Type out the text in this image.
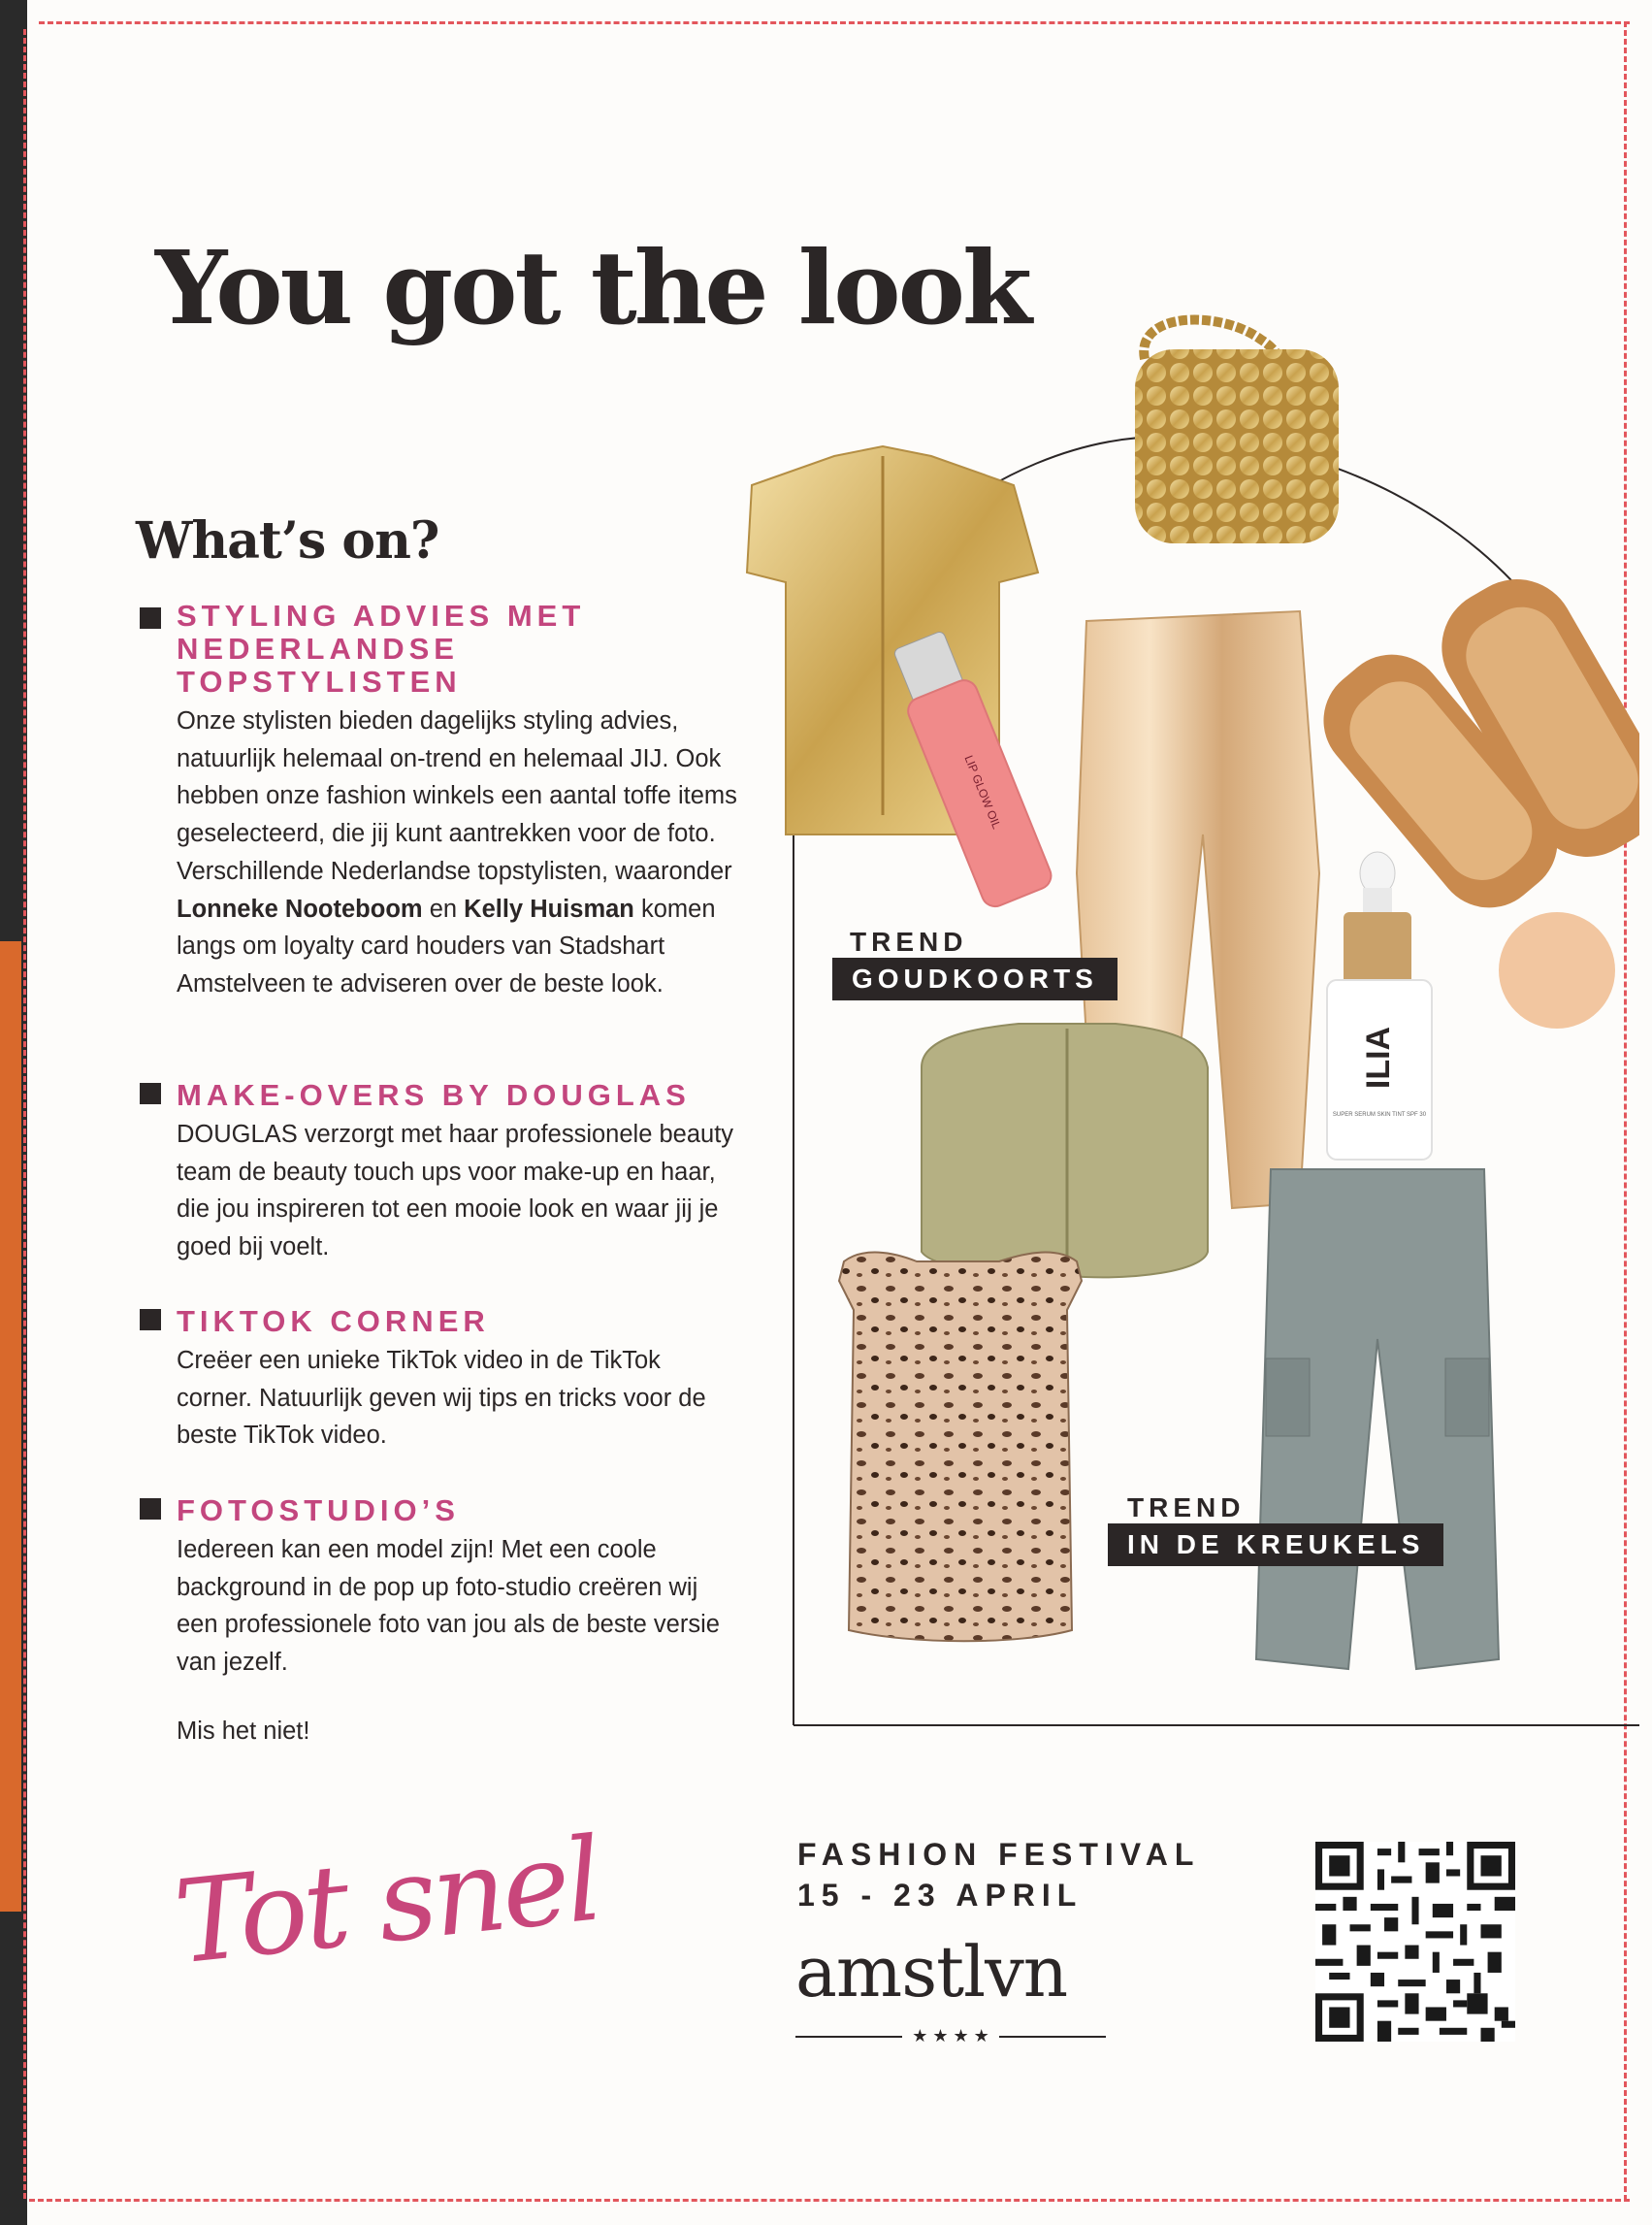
You got the look
What’s on?
STYLING ADVIES MET NEDERLANDSE TOPSTYLISTEN
Onze stylisten bieden dagelijks styling advies, natuurlijk helemaal on-trend en helemaal JIJ. Ook hebben onze fashion winkels een aantal toffe items geselecteerd, die jij kunt aantrekken voor de foto. Verschillende Nederlandse topstylisten, waaronder Lonneke Nooteboom en Kelly Huisman komen langs om loyalty card houders van Stadshart Amstelveen te adviseren over de beste look.
MAKE-OVERS BY DOUGLAS
DOUGLAS verzorgt met haar professionele beauty team de beauty touch ups voor make-up en haar, die jou inspireren tot een mooie look en waar jij je goed bij voelt.
TIKTOK CORNER
Creëer een unieke TikTok video in de TikTok corner. Natuurlijk geven wij tips en tricks voor de beste TikTok video.
FOTOSTUDIO’S
Iedereen kan een model zijn! Met een coole background in de pop up foto-studio creëren wij een professionele foto van jou als de beste versie van jezelf.
Mis het niet!
Tot snel
LIP GLOW OIL
ILIA
SUPER SERUM SKIN TINT SPF 30
TREND
GOUDKOORTS
TREND
IN DE KREUKELS
FASHION FESTIVAL
15 - 23 APRIL
amstlvn
★ ★ ★ ★
